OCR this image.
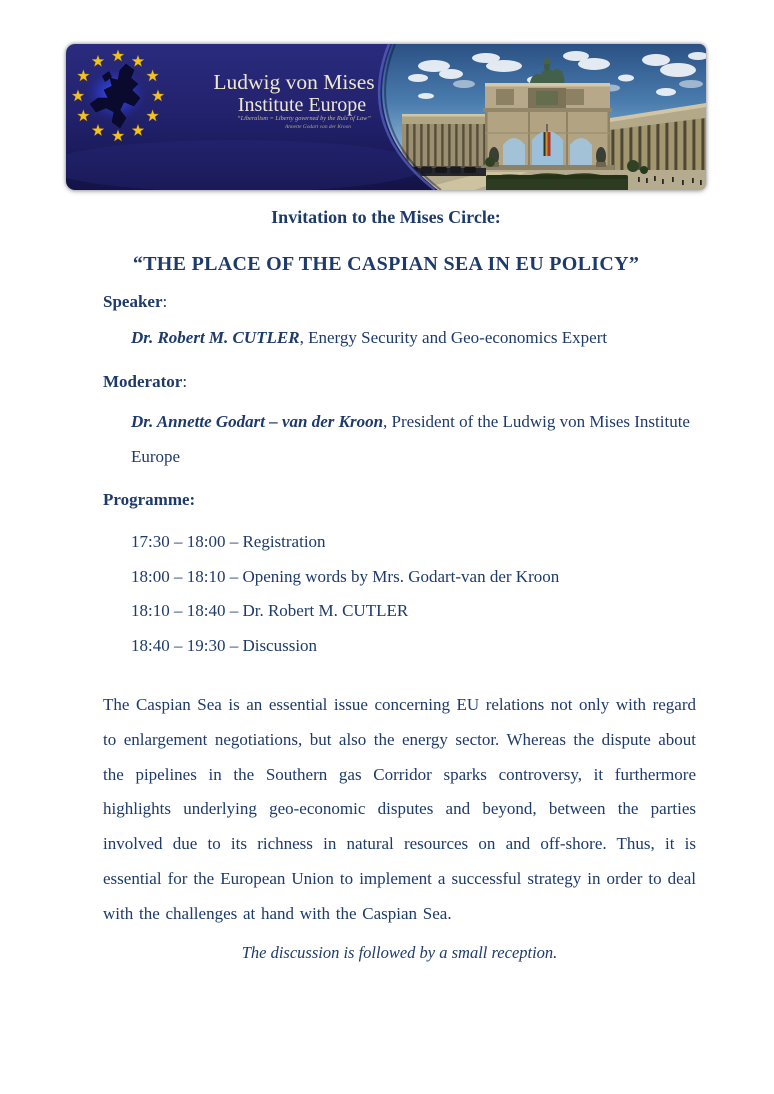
Ludwig von Mises
Institute Europe
“Liberalism = Liberty governed by the Rule of Law”
Annette Godart van der Kroon
Invitation to the Mises Circle:
“THE PLACE OF THE CASPIAN SEA IN EU POLICY”

Speaker:

Dr. Robert M. CUTLER, Energy Security and Geo-economics Expert

Moderator:

Dr. Annette Godart – van der Kroon, President of the Ludwig von Mises Institute Europe

Programme:

17:30 – 18:00 – Registration

18:00 – 18:10 – Opening words by Mrs. Godart-van der Kroon

18:10 – 18:40 – Dr. Robert M. CUTLER

18:40 – 19:30 – Discussion

The Caspian Sea is an essential issue concerning EU relations not only with regard to enlargement negotiations, but also the energy sector. Whereas the dispute about the pipelines in the Southern gas Corridor sparks controversy, it furthermore highlights underlying geo-economic disputes and beyond, between the parties involved due to its richness in natural resources on and off-shore. Thus, it is essential for the European Union to implement a successful strategy in order to deal with the challenges at hand with the Caspian Sea.

The discussion is followed by a small reception.
